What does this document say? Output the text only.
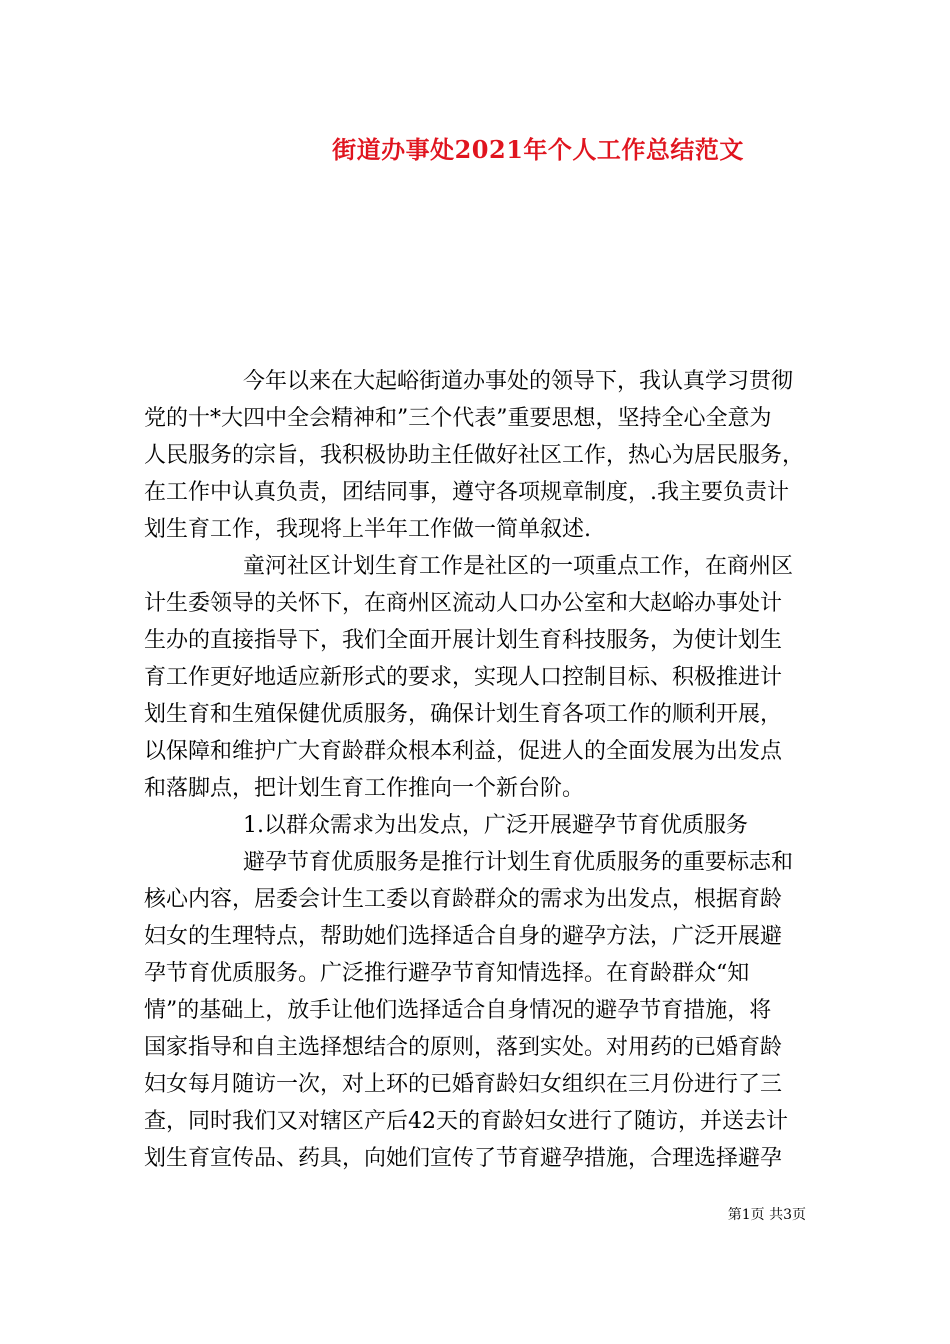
街道办事处2021年个人工作总结范文
今年以来在大起峪街道办事处的领导下，我认真学习贯彻
党的十*大四中全会精神和”三个代表”重要思想，坚持全心全意为
人民服务的宗旨，我积极协助主任做好社区工作，热心为居民服务，
在工作中认真负责，团结同事，遵守各项规章制度，.我主要负责计
划生育工作，我现将上半年工作做一简单叙述.
童河社区计划生育工作是社区的一项重点工作，在商州区
计生委领导的关怀下，在商州区流动人口办公室和大赵峪办事处计
生办的直接指导下，我们全面开展计划生育科技服务，为使计划生
育工作更好地适应新形式的要求，实现人口控制目标、积极推进计
划生育和生殖保健优质服务，确保计划生育各项工作的顺利开展，
以保障和维护广大育龄群众根本利益，促进人的全面发展为出发点
和落脚点，把计划生育工作推向一个新台阶。
1.以群众需求为出发点，广泛开展避孕节育优质服务
避孕节育优质服务是推行计划生育优质服务的重要标志和
核心内容，居委会计生工委以育龄群众的需求为出发点，根据育龄
妇女的生理特点，帮助她们选择适合自身的避孕方法，广泛开展避
孕节育优质服务。广泛推行避孕节育知情选择。在育龄群众“知
情”的基础上，放手让他们选择适合自身情况的避孕节育措施，将
国家指导和自主选择想结合的原则，落到实处。对用药的已婚育龄
妇女每月随访一次，对上环的已婚育龄妇女组织在三月份进行了三
查，同时我们又对辖区产后42天的育龄妇女进行了随访，并送去计
划生育宣传品、药具，向她们宣传了节育避孕措施，合理选择避孕
第1页 共3页
